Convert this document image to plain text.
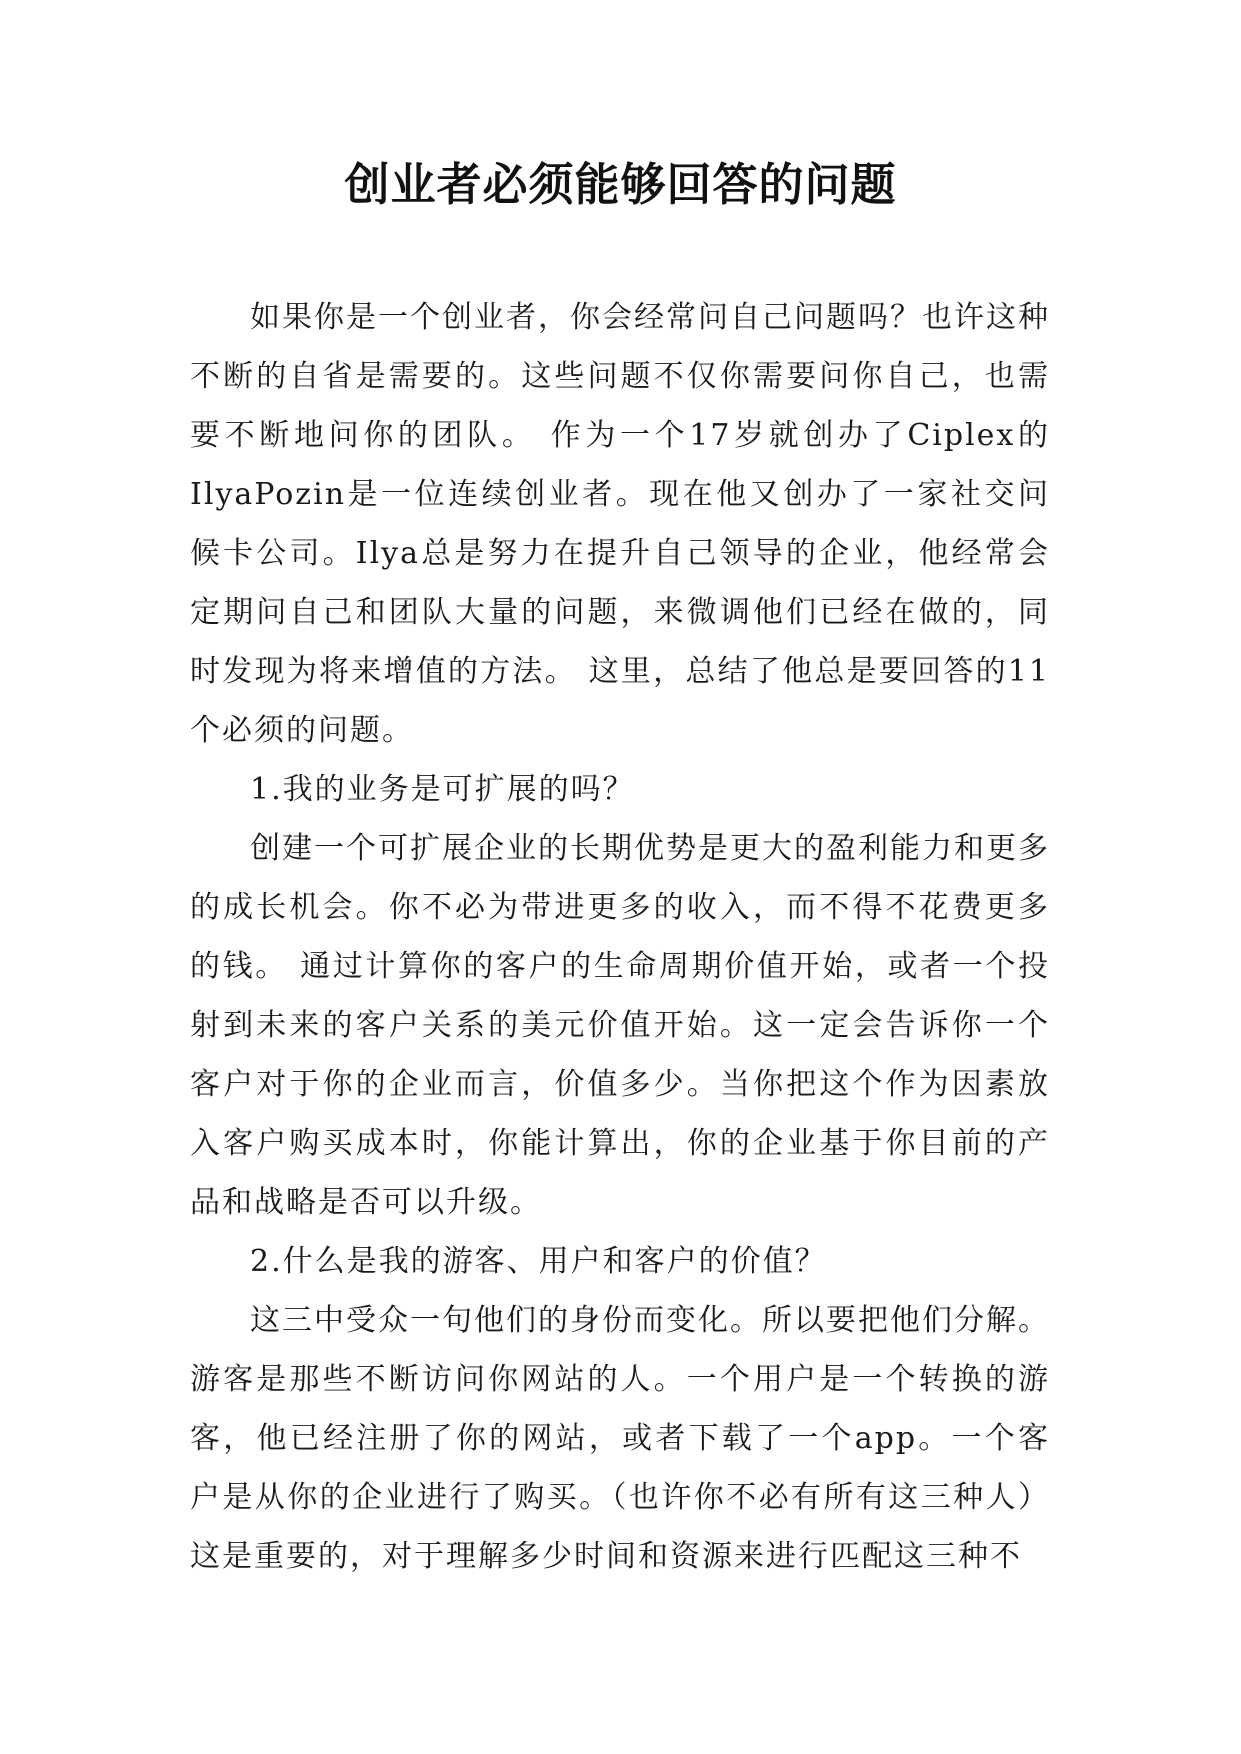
创业者必须能够回答的问题

如果你是一个创业者，你会经常问自己问题吗？也许这种不断的自省是需要的。这些问题不仅你需要问你自己，也需要不断地问你的团队。 作为一个17岁就创办了Ciplex的IlyaPozin是一位连续创业者。现在他又创办了一家社交问候卡公司。Ilya总是努力在提升自己领导的企业，他经常会定期问自己和团队大量的问题，来微调他们已经在做的，同时发现为将来增值的方法。 这里，总结了他总是要回答的11个必须的问题。

1.我的业务是可扩展的吗？

创建一个可扩展企业的长期优势是更大的盈利能力和更多的成长机会。你不必为带进更多的收入，而不得不花费更多的钱。 通过计算你的客户的生命周期价值开始，或者一个投射到未来的客户关系的美元价值开始。这一定会告诉你一个客户对于你的企业而言，价值多少。当你把这个作为因素放入客户购买成本时，你能计算出，你的企业基于你目前的产品和战略是否可以升级。

2.什么是我的游客、用户和客户的价值？

这三中受众一句他们的身份而变化。所以要把他们分解。游客是那些不断访问你网站的人。一个用户是一个转换的游客，他已经注册了你的网站，或者下载了一个app。一个客户是从你的企业进行了购买。（也许你不必有所有这三种人）这是重要的，对于理解多少时间和资源来进行匹配这三种不
